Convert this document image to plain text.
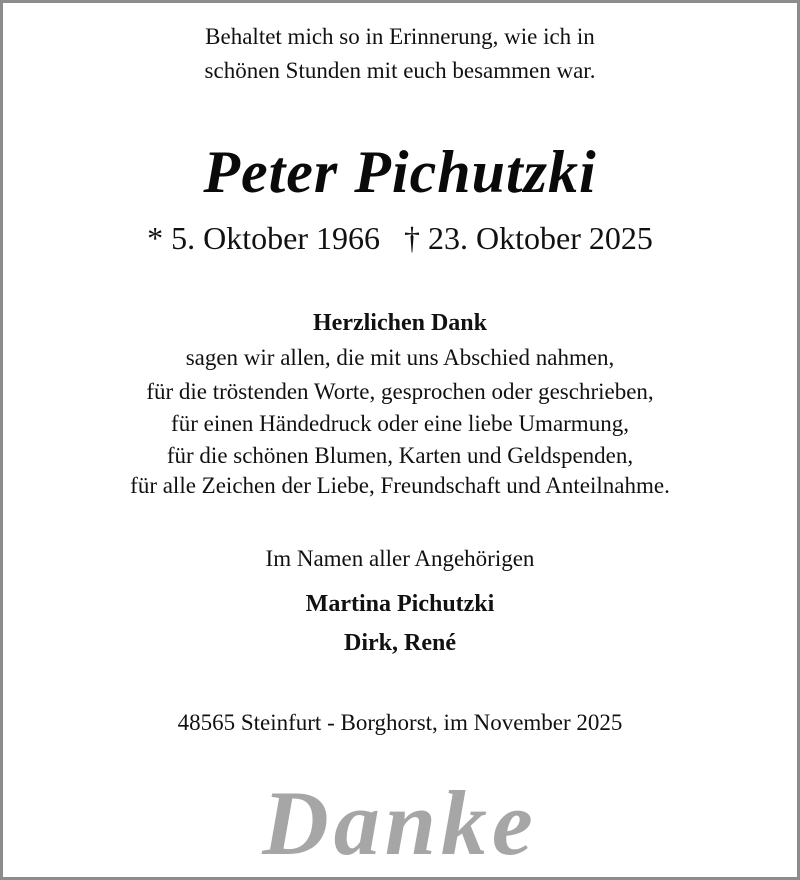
Behaltet mich so in Erinnerung, wie ich in

schönen Stunden mit euch besammen war.

Peter Pichutzki
* 5. Oktober 1966 † 23. Oktober 2025

Herzlichen Dank

sagen wir allen, die mit uns Abschied nahmen,

für die tröstenden Worte, gesprochen oder geschrieben,

für einen Händedruck oder eine liebe Umarmung,

für die schönen Blumen, Karten und Geldspenden,

für alle Zeichen der Liebe, Freundschaft und Anteilnahme.

Im Namen aller Angehörigen

Martina Pichutzki

Dirk, René

48565 Steinfurt - Borghorst, im November 2025

Danke
